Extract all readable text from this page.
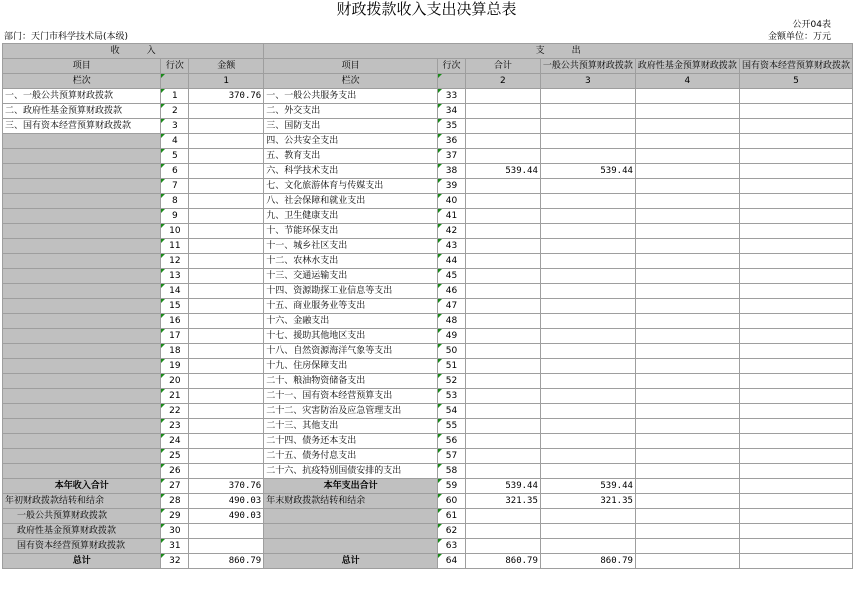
财政拨款收入支出决算总表
公开04表
部门：天门市科学技术局(本级)	金额单位：万元
收　　　入			支　　　出					
项目	行次	金额	项目	行次	合计	一般公共预算财政拨款	政府性基金预算财政拨款	国有资本经营预算财政拨款
栏次		1	栏次		2	3	4	5
一、一般公共预算财政拨款	1	370.76	一、一般公共服务支出	33				
二、政府性基金预算财政拨款	2		二、外交支出	34				
三、国有资本经营预算财政拨款	3		三、国防支出	35				
	4		四、公共安全支出	36				
	5		五、教育支出	37				
	6		六、科学技术支出	38	539.44	539.44		
	7		七、文化旅游体育与传媒支出	39				
	8		八、社会保障和就业支出	40				
	9		九、卫生健康支出	41				
	10		十、节能环保支出	42				
	11		十一、城乡社区支出	43				
	12		十二、农林水支出	44				
	13		十三、交通运输支出	45				
	14		十四、资源勘探工业信息等支出	46				
	15		十五、商业服务业等支出	47				
	16		十六、金融支出	48				
	17		十七、援助其他地区支出	49				
	18		十八、自然资源海洋气象等支出	50				
	19		十九、住房保障支出	51				
	20		二十、粮油物资储备支出	52				
	21		二十一、国有资本经营预算支出	53				
	22		二十二、灾害防治及应急管理支出	54				
	23		二十三、其他支出	55				
	24		二十四、债务还本支出	56				
	25		二十五、债务付息支出	57				
	26		二十六、抗疫特别国债安排的支出	58				
本年收入合计	27	370.76	本年支出合计	59	539.44	539.44		
年初财政拨款结转和结余	28	490.03	年末财政拨款结转和结余	60	321.35	321.35		
一般公共预算财政拨款	29	490.03		61				
政府性基金预算财政拨款	30			62				
国有资本经营预算财政拨款	31			63				
总计	32	860.79	总计	64	860.79	860.79		
